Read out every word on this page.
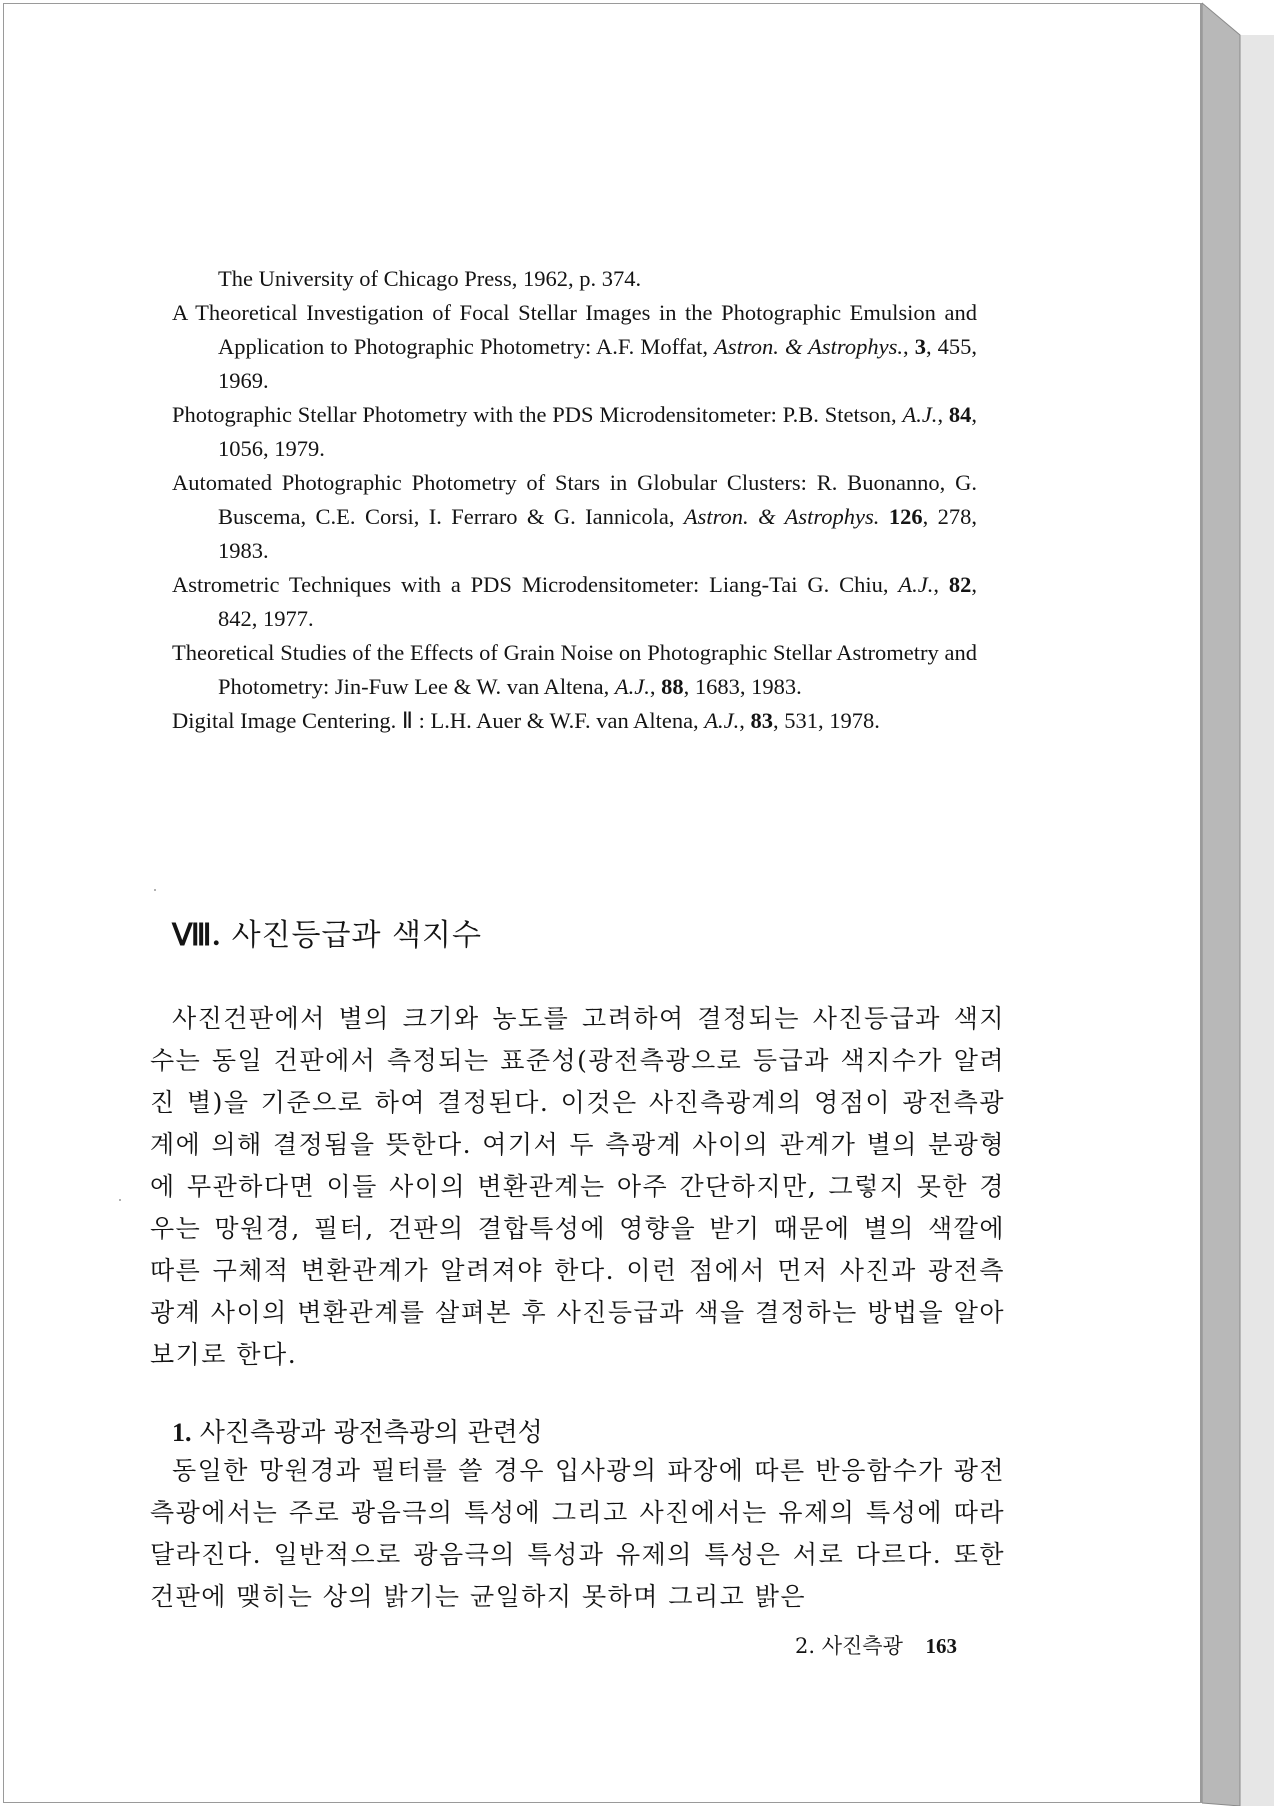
The University of Chicago Press, 1962, p. 374.
A Theoretical Investigation of Focal Stellar Images in the Photographic Emulsion and Application to Photographic Photometry: A.F. Moffat, Astron. & Astrophys., 3, 455, 1969.
Photographic Stellar Photometry with the PDS Microdensitometer: P.B. Stetson, A.J., 84, 1056, 1979.
Automated Photographic Photometry of Stars in Globular Clusters: R. Buonanno, G. Buscema, C.E. Corsi, I. Ferraro & G. Iannicola, Astron. & Astrophys. 126, 278, 1983.
Astrometric Techniques with a PDS Microdensitometer: Liang-Tai G. Chiu, A.J., 82, 842, 1977.
Theoretical Studies of the Effects of Grain Noise on Photographic Stellar Astrometry and Photometry: Jin-Fuw Lee & W. van Altena, A.J., 88, 1683, 1983.
Digital Image Centering. Ⅱ : L.H. Auer & W.F. van Altena, A.J., 83, 531, 1978.
Ⅷ. 사진등급과 색지수
사진건판에서 별의 크기와 농도를 고려하여 결정되는 사진등급과 색지수는 동일 건판에서 측정되는 표준성(광전측광으로 등급과 색지수가 알려진 별)을 기준으로 하여 결정된다. 이것은 사진측광계의 영점이 광전측광계에 의해 결정됨을 뜻한다. 여기서 두 측광계 사이의 관계가 별의 분광형에 무관하다면 이들 사이의 변환관계는 아주 간단하지만, 그렇지 못한 경우는 망원경, 필터, 건판의 결합특성에 영향을 받기 때문에 별의 색깔에 따른 구체적 변환관계가 알려져야 한다. 이런 점에서 먼저 사진과 광전측광계 사이의 변환관계를 살펴본 후 사진등급과 색을 결정하는 방법을 알아보기로 한다.
1. 사진측광과 광전측광의 관련성
동일한 망원경과 필터를 쓸 경우 입사광의 파장에 따른 반응함수가 광전측광에서는 주로 광음극의 특성에 그리고 사진에서는 유제의 특성에 따라 달라진다. 일반적으로 광음극의 특성과 유제의 특성은 서로 다르다. 또한 건판에 맺히는 상의 밝기는 균일하지 못하며 그리고 밝은
2. 사진측광 163
